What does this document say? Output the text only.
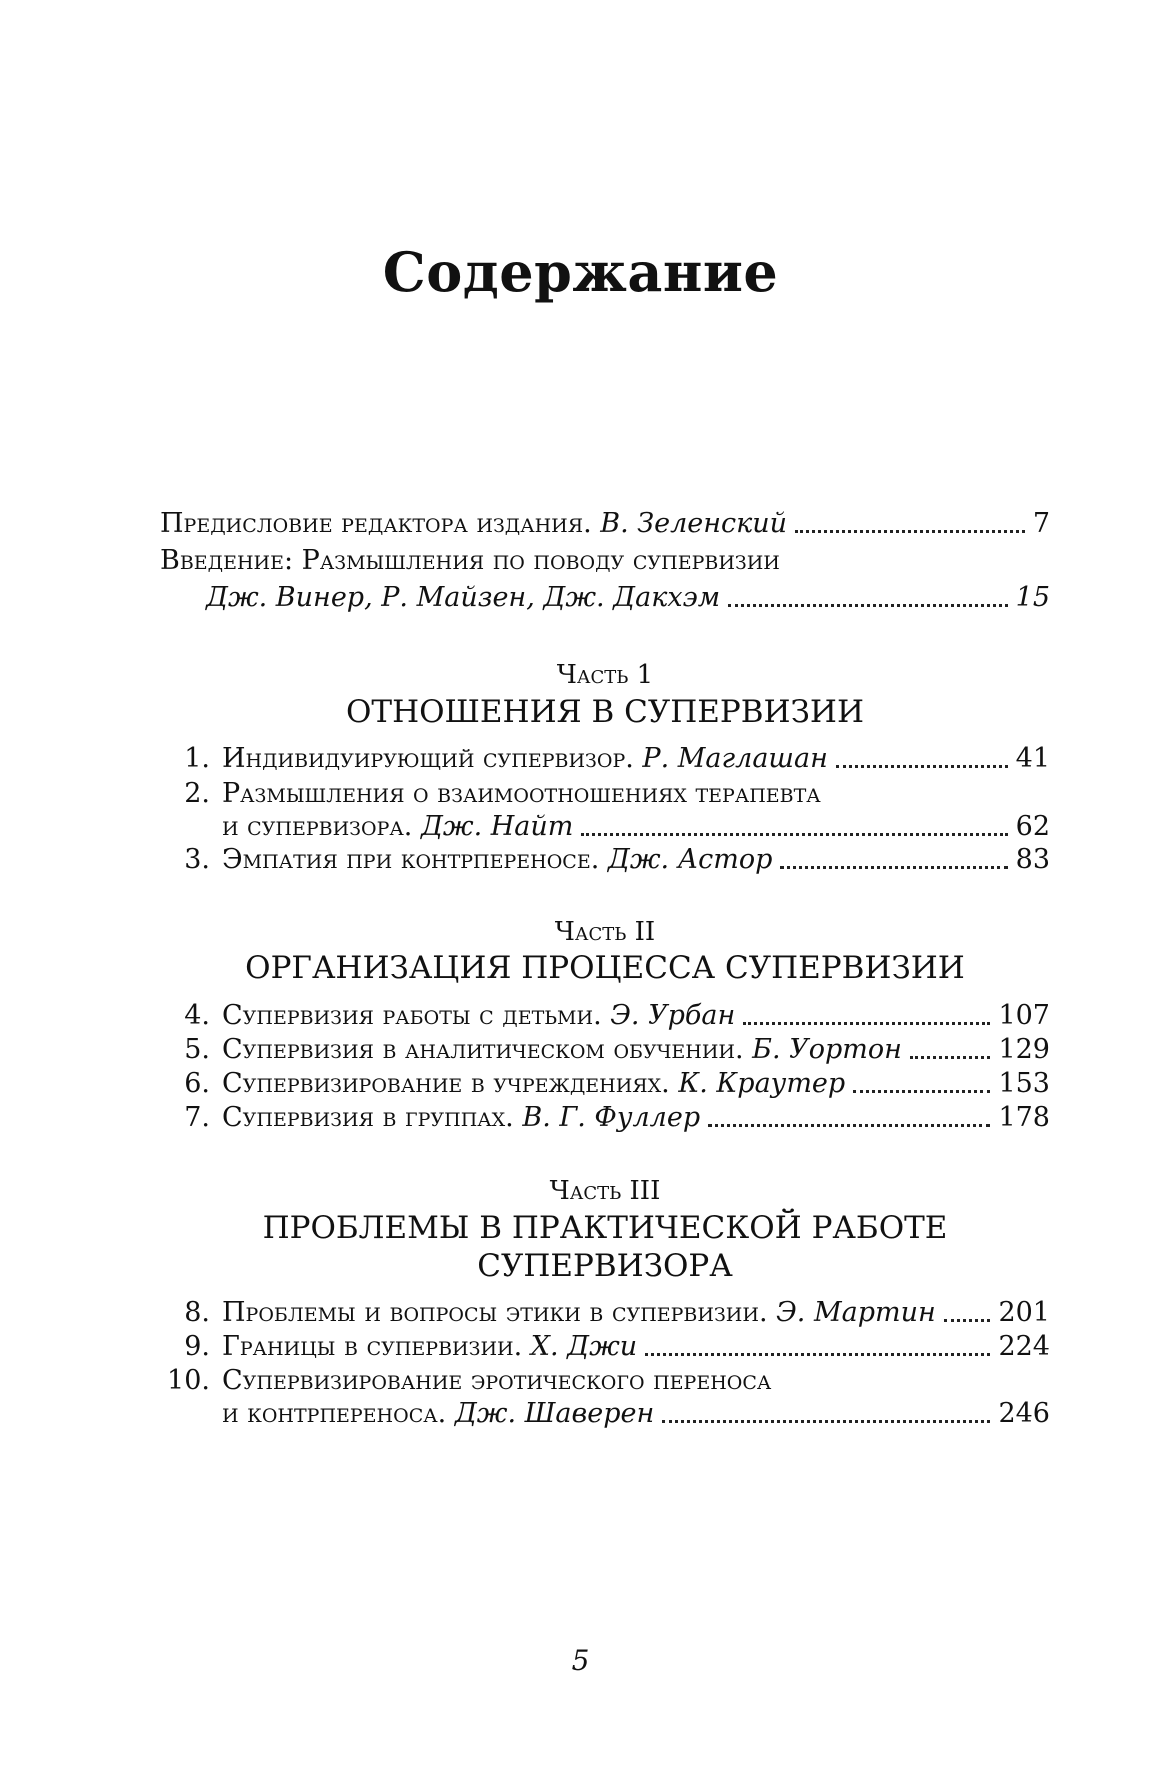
Содержание
Предисловие редактора издания. В. Зеленский	7
Введение: Размышления по поводу супервизии
Дж. Винер, Р. Майзен, Дж. Дакхэм	15
Часть 1
ОТНОШЕНИЯ В СУПЕРВИЗИИ
1. Индивидуирующий супервизор. Р. Маглашан	41
2. Размышления о взаимоотношениях терапевта
и супервизора. Дж. Найт	62
3. Эмпатия при контрпереносе. Дж. Астор	83
Часть II
ОРГАНИЗАЦИЯ ПРОЦЕССА СУПЕРВИЗИИ
4. Супервизия работы с детьми. Э. Урбан	107
5. Супервизия в аналитическом обучении. Б. Уортон	129
6. Супервизирование в учреждениях. К. Краутер	153
7. Супервизия в группах. В. Г. Фуллер	178
Часть III
ПРОБЛЕМЫ В ПРАКТИЧЕСКОЙ РАБОТЕ
СУПЕРВИЗОРА
8. Проблемы и вопросы этики в супервизии. Э. Мартин 201
9. Границы в супервизии. Х. Джи	224
10. Супервизирование эротического переноса
и контрпереноса. Дж. Шаверен	246
5
